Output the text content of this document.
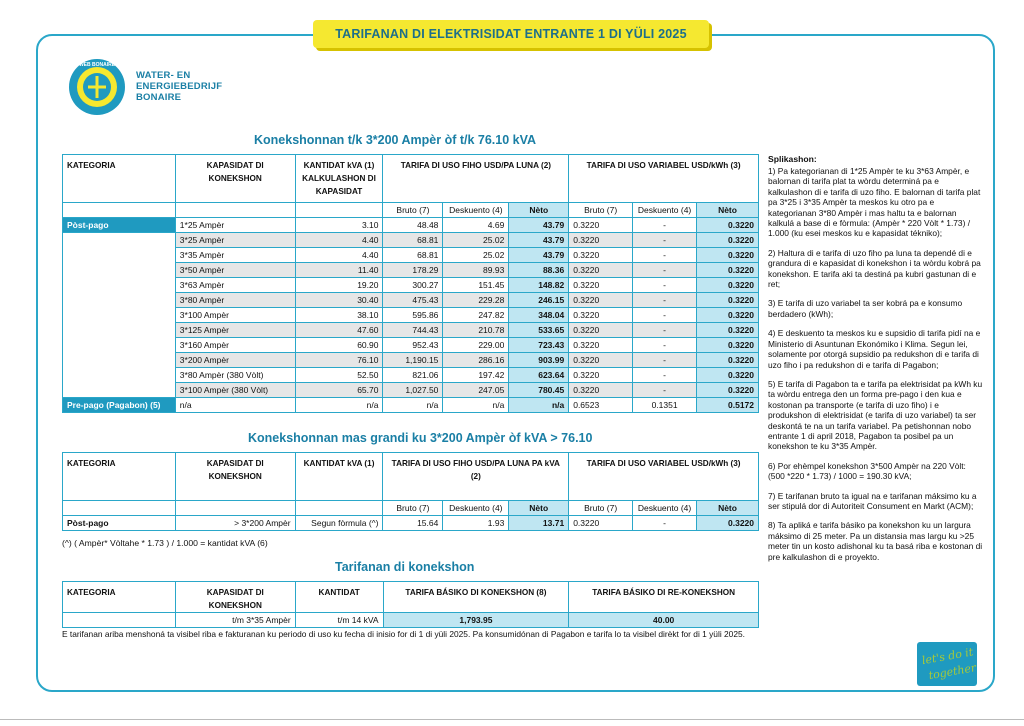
TARIFANAN DI ELEKTRISIDAT ENTRANTE 1 DI YÜLI 2025
WEB BONAIRE
WATER- EN
ENERGIEBEDRIJF
BONAIRE
Konekshonnan t/k 3*200 Ampèr òf t/k 76.10 kVA
KATEGORIA	KAPASIDAT DI KONEKSHON	KANTIDAT kVA (1) KALKULASHON DI KAPASIDAT	TARIFA DI USO FIHO USD/PA LUNA (2)			TARIFA DI USO VARIABEL USD/kWh (3)		
			Bruto (7)	Deskuento (4)	Nèto	Bruto (7)	Deskuento (4)	Nèto
Pòst-pago	1*25 Ampèr	3.10	48.48	4.69	43.79	0.3220	-	0.3220
	3*25 Ampèr	4.40	68.81	25.02	43.79	0.3220	-	0.3220
	3*35 Ampèr	4.40	68.81	25.02	43.79	0.3220	-	0.3220
	3*50 Ampèr	11.40	178.29	89.93	88.36	0.3220	-	0.3220
	3*63 Ampèr	19.20	300.27	151.45	148.82	0.3220	-	0.3220
	3*80 Ampèr	30.40	475.43	229.28	246.15	0.3220	-	0.3220
	3*100 Ampèr	38.10	595.86	247.82	348.04	0.3220	-	0.3220
	3*125 Ampèr	47.60	744.43	210.78	533.65	0.3220	-	0.3220
	3*160 Ampèr	60.90	952.43	229.00	723.43	0.3220	-	0.3220
	3*200 Ampèr	76.10	1,190.15	286.16	903.99	0.3220	-	0.3220
	3*80 Ampèr (380 Vòlt)	52.50	821.06	197.42	623.64	0.3220	-	0.3220
	3*100 Ampèr (380 Vòlt)	65.70	1,027.50	247.05	780.45	0.3220	-	0.3220
Pre-pago (Pagabon) (5)	n/a	n/a	n/a	n/a	n/a	0.6523	0.1351	0.5172
Konekshonnan mas grandi ku 3*200 Ampèr òf kVA > 76.10
KATEGORIA	KAPASIDAT DI KONEKSHON	KANTIDAT kVA (1)	TARIFA DI USO FIHO USD/PA LUNA PA kVA (2)			TARIFA DI USO VARIABEL USD/kWh (3)		
			Bruto (7)	Deskuento (4)	Nèto	Bruto (7)	Deskuento (4)	Nèto
Pòst-pago	> 3*200 Ampèr	Segun fòrmula (^)	15.64	1.93	13.71	0.3220	-	0.3220
(^) ( Ampèr* Vòltahe * 1.73 ) / 1.000 = kantidat kVA (6)
Tarifanan di konekshon
KATEGORIA	KAPASIDAT DI KONEKSHON	KANTIDAT	TARIFA BÁSIKO DI KONEKSHON (8)	TARIFA BÁSIKO DI RE-KONEKSHON
	t/m 3*35 Ampèr	t/m 14 kVA	1,793.95	40.00
Splikashon:

1) Pa kategorianan di 1*25 Ampèr te ku 3*63 Ampèr, e balornan di tarifa plat ta wòrdu determiná pa e kalkulashon di e tarifa di uzo fiho. E balornan di tarifa plat pa 3*25 i 3*35 Ampèr ta meskos ku otro pa e kategorianan 3*80 Ampèr i mas haltu ta e balornan kalkulá a base di e fòrmula: (Ampèr * 220 Vòlt * 1.73) / 1.000 (ku esei meskos ku e kapasidat tékniko);

2) Haltura di e tarifa di uzo fiho pa luna ta dependé di e grandura di e kapasidat di konekshon i ta wòrdu kobrá pa konekshon. E tarifa aki ta destiná pa kubri gastunan di e ret;

3) E tarifa di uzo variabel ta ser kobrá pa e konsumo berdadero (kWh);

4) E deskuento ta meskos ku e supsidio di tarifa pidí na e Ministerio di Asuntunan Ekonómiko i Klima. Segun lei, solamente por otorgá supsidio pa redukshon di e tarifa di uzo fiho i pa redukshon di e tarifa di Pagabon;

5) E tarifa di Pagabon ta e tarifa pa elektrisidat pa kWh ku ta wòrdu entrega den un forma pre-pago i den kua e kostonan pa transporte (e tarifa di uzo fiho) i e produkshon di elektrisidat (e tarifa di uzo variabel) ta ser deskontá te na un tarifa variabel. Pa petishonnan nobo entrante 1 di april 2018, Pagabon ta posibel pa un konekshon te ku 3*35 Ampèr.

6) Por ehèmpel konekshon 3*500 Ampèr na 220 Vòlt: (500 *220 * 1.73) / 1000 = 190.30 kVA;

7) E tarifanan bruto ta igual na e tarifanan máksimo ku a ser stipulá dor di Autoriteit Consument en Markt (ACM);

8) Ta apliká e tarifa básiko pa konekshon ku un largura máksimo di 25 meter. Pa un distansia mas largu ku >25 meter tin un kosto adishonal ku ta basá riba e kostonan di pre kalkulashon di e proyekto.

E tarifanan ariba menshoná ta visibel riba e fakturanan ku periodo di uso ku fecha di inisio for di 1 di yüli 2025. Pa konsumidónan di Pagabon e tarifa lo ta visibel dirèkt for di 1 yüli 2025.
let's do it
together
